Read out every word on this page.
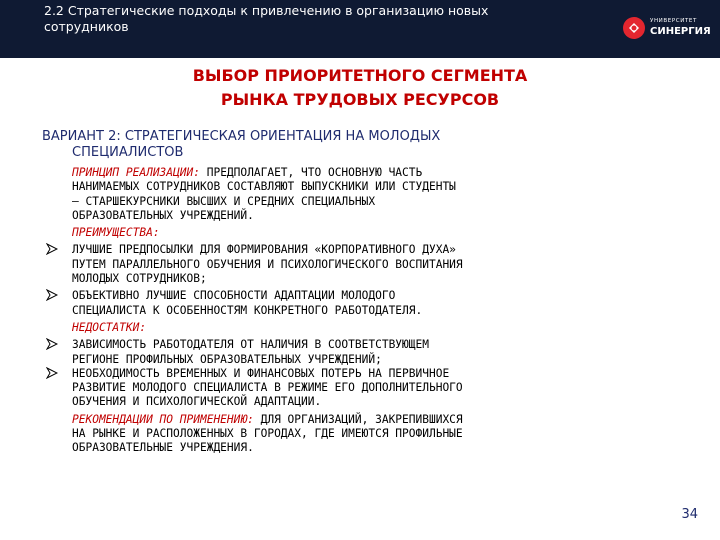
2.2 Стратегические подходы к привлечению в организацию новых
сотрудников	УНИВЕРСИТЕТ
СИНЕРГИЯ
ВЫБОР ПРИОРИТЕТНОГО СЕГМЕНТА
РЫНКА ТРУДОВЫХ РЕСУРСОВ
ВАРИАНТ 2: СТРАТЕГИЧЕСКАЯ ОРИЕНТАЦИЯ НА МОЛОДЫХ
СПЕЦИАЛИСТОВ
ПРИНЦИП РЕАЛИЗАЦИИ: ПРЕДПОЛАГАЕТ, ЧТО ОСНОВНУЮ ЧАСТЬ
НАНИМАЕМЫХ СОТРУДНИКОВ СОСТАВЛЯЮТ ВЫПУСКНИКИ ИЛИ СТУДЕНТЫ
– СТАРШЕКУРСНИКИ ВЫСШИХ И СРЕДНИХ СПЕЦИАЛЬНЫХ
ОБРАЗОВАТЕЛЬНЫХ УЧРЕЖДЕНИЙ.
ПРЕИМУЩЕСТВА:
ЛУЧШИЕ ПРЕДПОСЫЛКИ ДЛЯ ФОРМИРОВАНИЯ «КОРПОРАТИВНОГО ДУХА»
ПУТЕМ ПАРАЛЛЕЛЬНОГО ОБУЧЕНИЯ И ПСИХОЛОГИЧЕСКОГО ВОСПИТАНИЯ
МОЛОДЫХ СОТРУДНИКОВ;
ОБЪЕКТИВНО ЛУЧШИЕ СПОСОБНОСТИ АДАПТАЦИИ МОЛОДОГО
СПЕЦИАЛИСТА К ОСОБЕННОСТЯМ КОНКРЕТНОГО РАБОТОДАТЕЛЯ.
НЕДОСТАТКИ:
ЗАВИСИМОСТЬ РАБОТОДАТЕЛЯ ОТ НАЛИЧИЯ В СООТВЕТСТВУЮЩЕМ
РЕГИОНЕ ПРОФИЛЬНЫХ ОБРАЗОВАТЕЛЬНЫХ УЧРЕЖДЕНИЙ;
НЕОБХОДИМОСТЬ ВРЕМЕННЫХ И ФИНАНСОВЫХ ПОТЕРЬ НА ПЕРВИЧНОЕ
РАЗВИТИЕ МОЛОДОГО СПЕЦИАЛИСТА В РЕЖИМЕ ЕГО ДОПОЛНИТЕЛЬНОГО
ОБУЧЕНИЯ И ПСИХОЛОГИЧЕСКОЙ АДАПТАЦИИ.
РЕКОМЕНДАЦИИ ПО ПРИМЕНЕНИЮ: ДЛЯ ОРГАНИЗАЦИЙ, ЗАКРЕПИВШИХСЯ
НА РЫНКЕ И РАСПОЛОЖЕННЫХ В ГОРОДАХ, ГДЕ ИМЕЮТСЯ ПРОФИЛЬНЫЕ
ОБРАЗОВАТЕЛЬНЫЕ УЧРЕЖДЕНИЯ.
34
